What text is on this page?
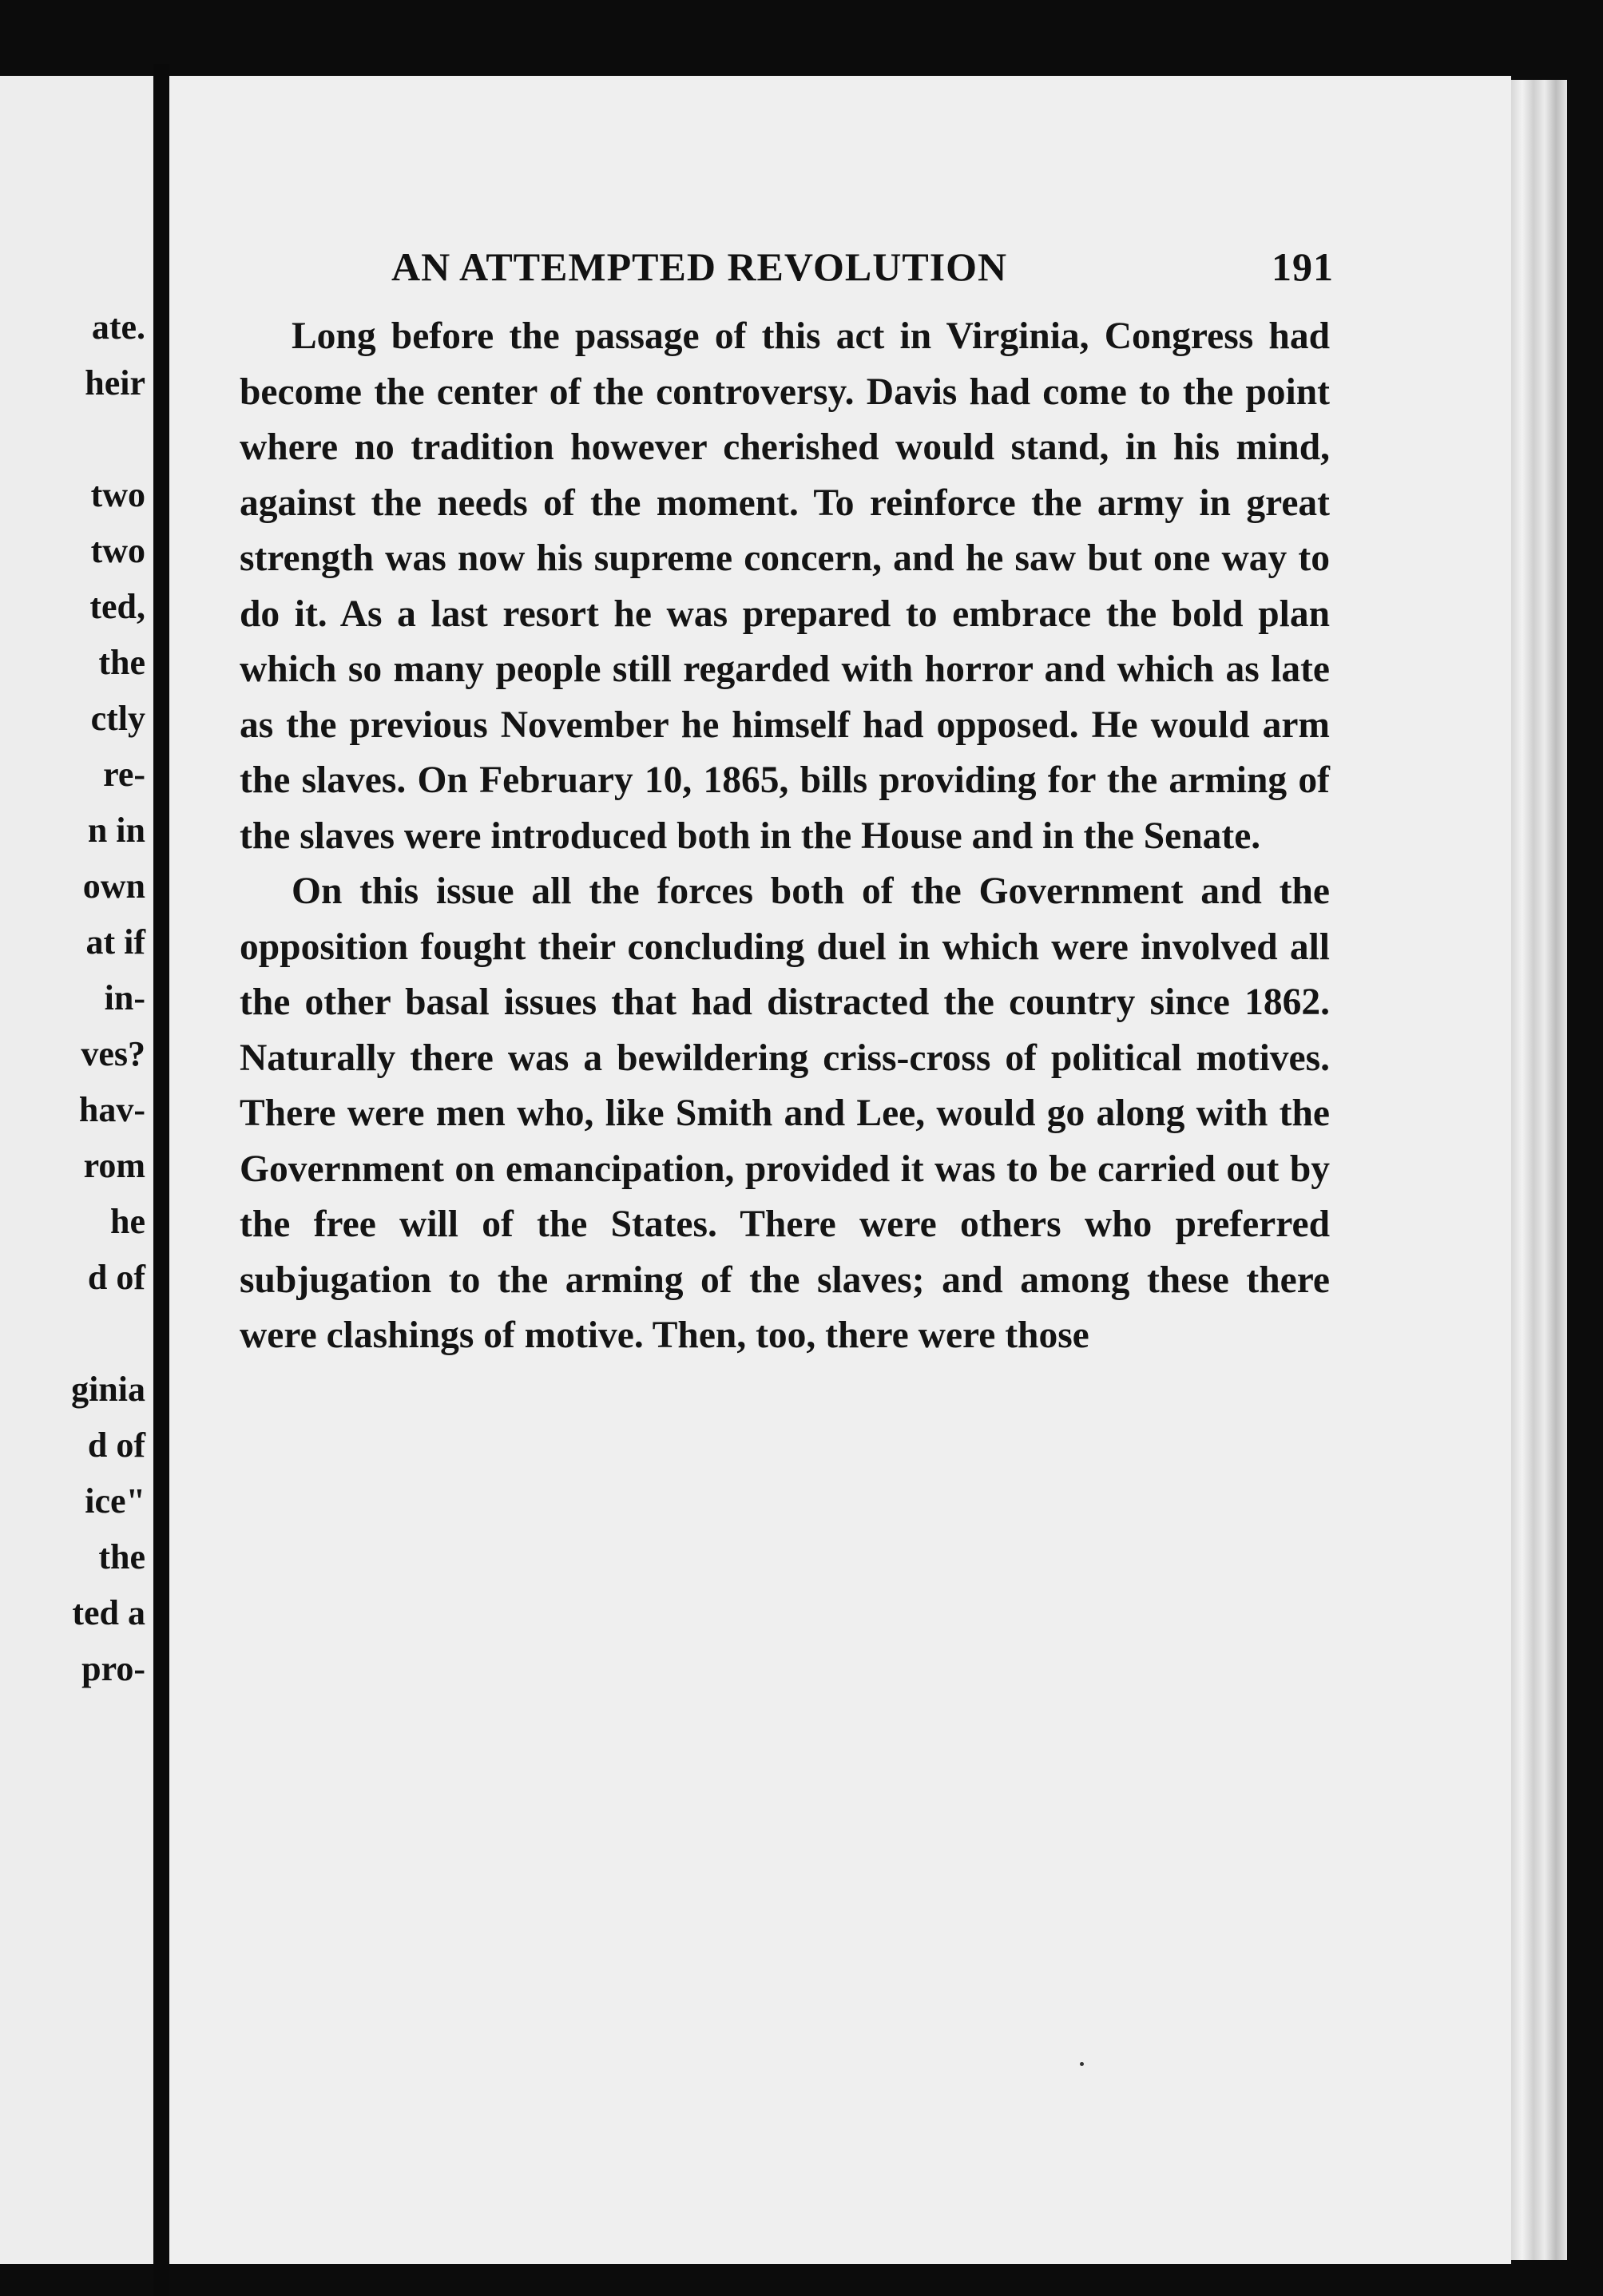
ate.
heir
two
two
ted,
the
ctly
re-
n in
own
at if
in-
ves?
hav-
rom
he
d of
ginia
d of
ice"
the
ted a
pro-
AN ATTEMPTED REVOLUTION	191

Long before the passage of this act in Virginia, Congress had become the center of the controversy. Davis had come to the point where no tradition however cherished would stand, in his mind, against the needs of the moment. To reinforce the army in great strength was now his supreme concern, and he saw but one way to do it. As a last resort he was prepared to embrace the bold plan which so many people still regarded with horror and which as late as the previous November he himself had opposed. He would arm the slaves. On February 10, 1865, bills providing for the arming of the slaves were introduced both in the House and in the Senate.

On this issue all the forces both of the Government and the opposition fought their concluding duel in which were involved all the other basal issues that had distracted the country since 1862. Naturally there was a bewildering criss-cross of political motives. There were men who, like Smith and Lee, would go along with the Government on emancipation, provided it was to be carried out by the free will of the States. There were others who preferred subjugation to the arming of the slaves; and among these there were clashings of motive. Then, too, there were those
